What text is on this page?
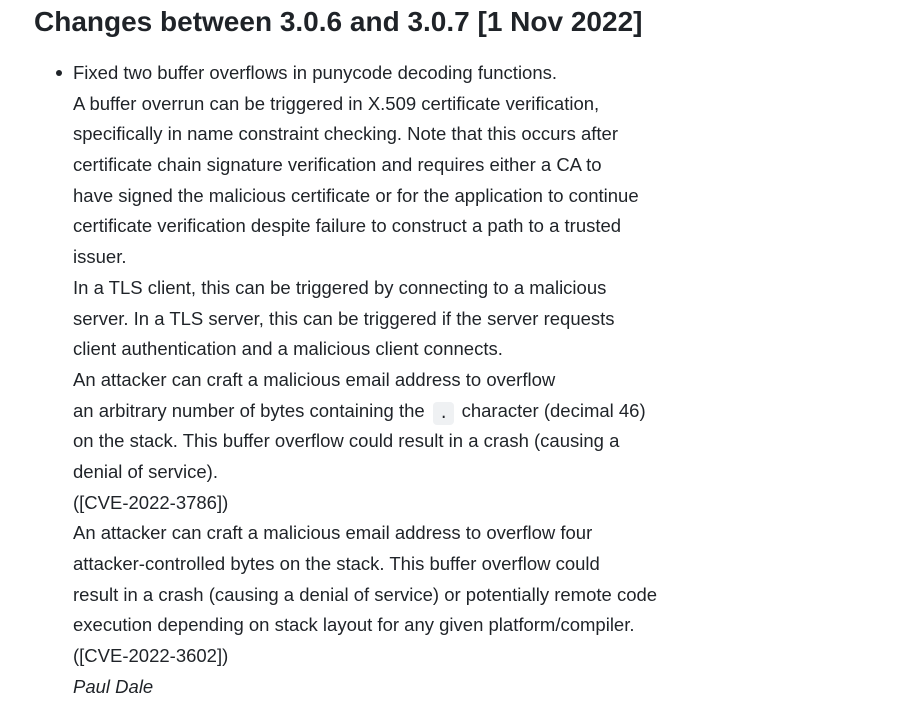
Changes between 3.0.6 and 3.0.7 [1 Nov 2022]
Fixed two buffer overflows in punycode decoding functions.
A buffer overrun can be triggered in X.509 certificate verification,
specifically in name constraint checking. Note that this occurs after
certificate chain signature verification and requires either a CA to
have signed the malicious certificate or for the application to continue
certificate verification despite failure to construct a path to a trusted
issuer.
In a TLS client, this can be triggered by connecting to a malicious
server. In a TLS server, this can be triggered if the server requests
client authentication and a malicious client connects.
An attacker can craft a malicious email address to overflow
an arbitrary number of bytes containing the . character (decimal 46)
on the stack. This buffer overflow could result in a crash (causing a
denial of service).
([CVE-2022-3786])
An attacker can craft a malicious email address to overflow four
attacker-controlled bytes on the stack. This buffer overflow could
result in a crash (causing a denial of service) or potentially remote code
execution depending on stack layout for any given platform/compiler.
([CVE-2022-3602])
Paul Dale
